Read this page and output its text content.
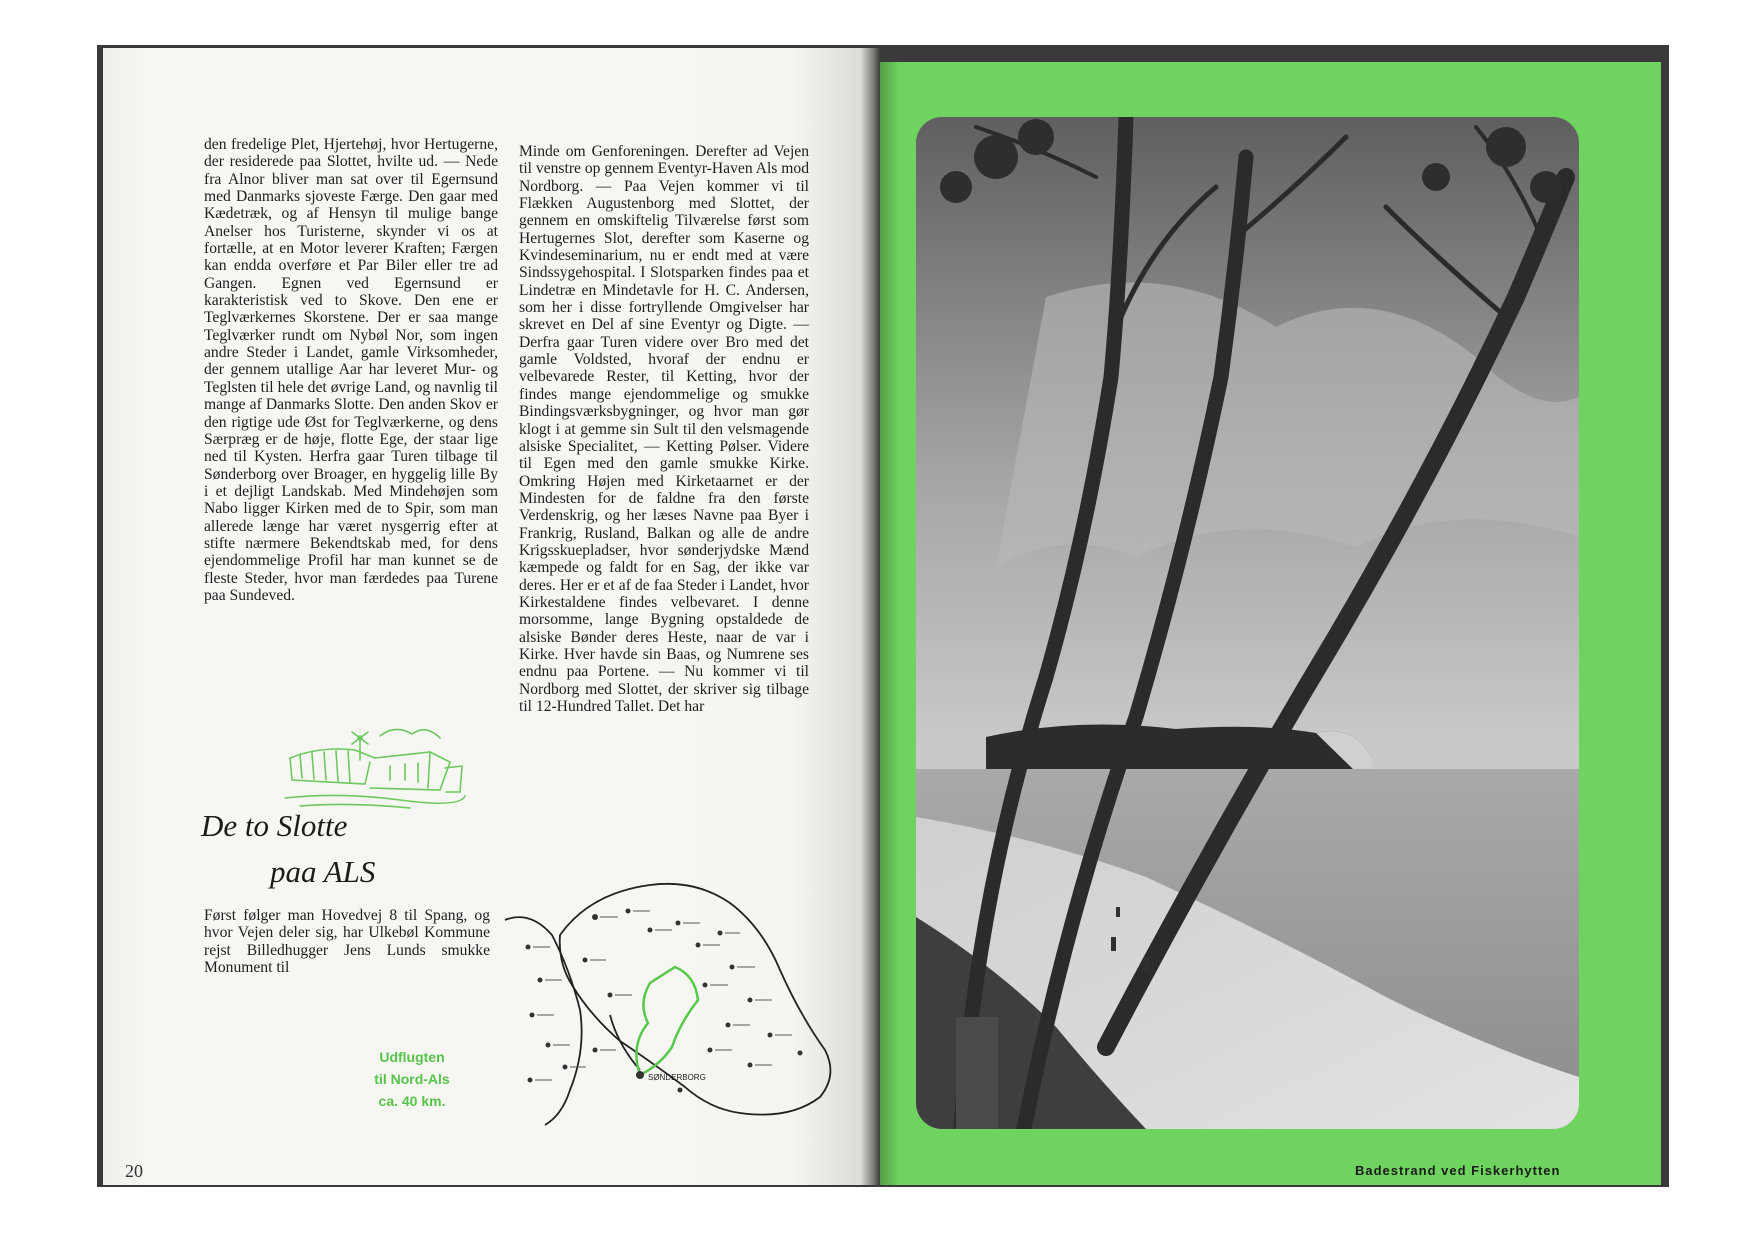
den fredelige Plet, Hjertehøj, hvor Hertugerne, der residerede paa Slottet, hvilte ud. — Nede fra Alnor bliver man sat over til Egernsund med Danmarks sjoveste Færge. Den gaar med Kædetræk, og af Hensyn til mulige bange Anelser hos Turisterne, skynder vi os at fortælle, at en Motor leverer Kraften; Færgen kan endda overføre et Par Biler eller tre ad Gangen. Egnen ved Egernsund er karakteristisk ved to Skove. Den ene er Teglværkernes Skorstene. Der er saa mange Teglværker rundt om Nybøl Nor, som ingen andre Steder i Landet, gamle Virksomheder, der gennem utallige Aar har leveret Mur- og Teglsten til hele det øvrige Land, og navnlig til mange af Danmarks Slotte. Den anden Skov er den rigtige ude Øst for Teglværkerne, og dens Særpræg er de høje, flotte Ege, der staar lige ned til Kysten. Herfra gaar Turen tilbage til Sønderborg over Broager, en hyggelig lille By i et dejligt Landskab. Med Mindehøjen som Nabo ligger Kirken med de to Spir, som man allerede længe har været nysgerrig efter at stifte nærmere Bekendtskab med, for dens ejendommelige Profil har man kunnet se de fleste Steder, hvor man færdedes paa Turene paa Sundeved.

Minde om Genforeningen. Derefter ad Vejen til venstre op gennem Eventyr-Haven Als mod Nordborg. — Paa Vejen kommer vi til Flækken Augustenborg med Slottet, der gennem en omskiftelig Tilværelse først som Hertugernes Slot, derefter som Kaserne og Kvindeseminarium, nu er endt med at være Sindssygehospital. I Slotsparken findes paa et Lindetræ en Mindetavle for H. C. Andersen, som her i disse fortryllende Omgivelser har skrevet en Del af sine Eventyr og Digte. — Derfra gaar Turen videre over Bro med det gamle Voldsted, hvoraf der endnu er velbevarede Rester, til Ketting, hvor der findes mange ejendommelige og smukke Bindingsværksbygninger, og hvor man gør klogt i at gemme sin Sult til den velsmagende alsiske Specialitet, — Ketting Pølser. Videre til Egen med den gamle smukke Kirke. Omkring Højen med Kirketaarnet er der Mindesten for de faldne fra den første Verdenskrig, og her læses Navne paa Byer i Frankrig, Rusland, Balkan og alle de andre Krigsskuepladser, hvor sønderjydske Mænd kæmpede og faldt for en Sag, der ikke var deres. Her er et af de faa Steder i Landet, hvor Kirkestaldene findes velbevaret. I denne morsomme, lange Bygning opstaldede de alsiske Bønder deres Heste, naar de var i Kirke. Hver havde sin Baas, og Numrene ses endnu paa Portene. — Nu kommer vi til Nordborg med Slottet, der skriver sig tilbage til 12-Hundred Tallet. Det har

De to Slotte
paa ALS

Først følger man Hovedvej 8 til Spang, og hvor Vejen deler sig, har Ulkebøl Kommune rejst Billedhugger Jens Lunds smukke Monument til

SØNDERBORG
Udflugten
til Nord-Als
ca. 40 km.
20	Badestrand ved Fiskerhytten
